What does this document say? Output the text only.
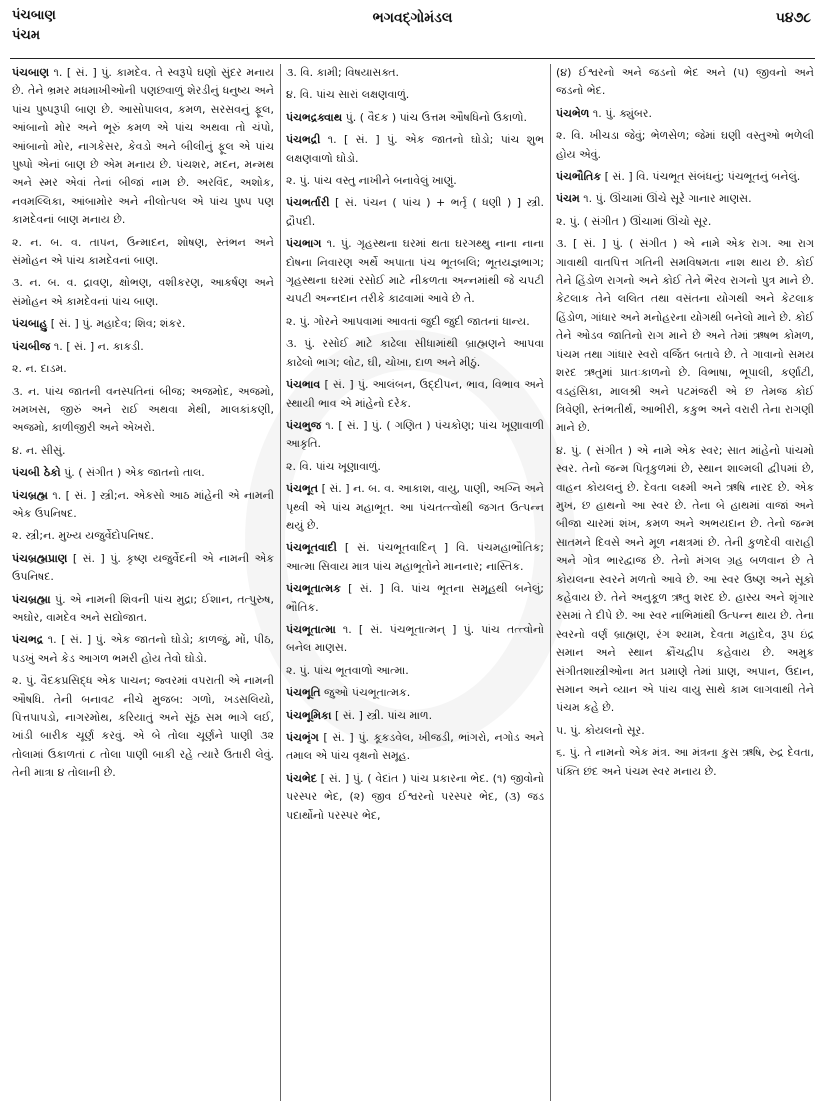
પંચબાણ
પંચમ
ભગવદ્ગોમંડલ	૫૪૭૮

પંચબાણ ૧. [ સં. ] પું. કામદેવ. તે સ્વરૂપે ઘણો સુંદર મનાય છે. તેને ભ્રમર મધમાખીઓની પણછવાળું શેરડીનું ધનુષ્ય અને પાંચ પુષ્પરૂપી બાણ છે. આસોપાલવ, કમળ, સરસવનું ફૂલ, આંબાનો મોર અને ભૂરું કમળ એ પાંચ અથવા તો ચંપો, આંબાનો મોર, નાગકેસર, કેવડો અને બીલીનું ફૂલ એ પાંચ પુષ્પો એનાં બાણ છે એમ મનાય છે. પંચશર, મદન, મન્મથ અને સ્મર એવાં તેનાં બીજાં નામ છે. અરવિંદ, અશોક, નવમલ્લિકા, આંબામોર અને નીલોત્પલ એ પાંચ પુષ્પ પણ કામદેવનાં બાણ મનાય છે.

૨. ન. બ. વ. તાપન, ઉન્માદન, શોષણ, સ્તંભન અને સંમોહન એ પાંચ કામદેવનાં બાણ.

૩. ન. બ. વ. દ્રાવણ, ક્ષોભણ, વશીકરણ, આકર્ષણ અને સંમોહન એ કામદેવનાં પાંચ બાણ.

પંચબાહુ [ સં. ] પું. મહાદેવ; શિવ; શંકર.

પંચબીજ ૧. [ સં. ] ન. કાકડી.

૨. ન. દાડમ.

૩. ન. પાંચ જાતની વનસ્પતિનાં બીજ; અજમોદ, અજમો, ખમખસ, જીરું અને રાઈ અથવા મેથી, માલકાંકણી, અજમો, કાળીજીરી અને એખરો.

૪. ન. સીસું.

પંચબી ઠેકો પું. ( સંગીત ) એક જાતનો તાલ.

પંચબ્રહ્મ ૧. [ સં. ] સ્ત્રી;ન. એકસો આઠ માંહેની એ નામની એક ઉપનિષદ.

૨. સ્ત્રી;ન. મુખ્ય યજુર્વેદોપનિષદ.

પંચબ્રહ્મપ્રાણ [ સં. ] પું. કૃષ્ણ યજુર્વેદની એ નામની એક ઉપનિષદ.

પંચબ્રહ્મા પું. એ નામની શિવની પાંચ મુદ્રા; ઈશાન, તત્પુરુષ, અઘોર, વામદેવ અને સદ્યોજાત.

પંચભદ્ર ૧. [ સં. ] પું. એક જાતનો ઘોડો; કાળજું, મોં, પીઠ, પડખું અને કેડ આગળ ભમરી હોય તેવો ઘોડો.

૨. પું. વૈદકપ્રસિદ્ધ એક પાચન; જ્વરમાં વપરાતી એ નામની ઔષધિ. તેની બનાવટ નીચે મુજબ: ગળો, ખડસલિયો, પિત્તપાપડો, નાગરમોથ, કરિયાતું અને સૂંઠ સમ ભાગે લઈ, ખાંડી બારીક ચૂર્ણ કરવું. એ બે તોલા ચૂર્ણને પાણી ૩૨ તોલામાં ઉકાળતાં ૮ તોલા પાણી બાકી રહે ત્યારે ઉતારી લેવું. તેની માત્રા ૪ તોલાની છે.

૩. વિ. કામી; વિષયાસક્ત.

૪. વિ. પાંચ સારાં લક્ષણવાળું.

પંચભદ્રક્વાથ પું. ( વૈદક ) પાંચ ઉત્તમ ઔષધિનો ઉકાળો.

પંચભદ્રી ૧. [ સં. ] પું. એક જાતનો ઘોડો; પાંચ શુભ લક્ષણવાળો ઘોડો.

૨. પું. પાંચ વસ્તુ નાખીને બનાવેલું ખાણું.

પંચભર્તારી [ સં. પંચન ( પાંચ ) + ભર્તૃ ( ધણી ) ] સ્ત્રી. દ્રૌપદી.

પંચભાગ ૧. પું. ગૃહસ્થના ઘરમાં થતા ઘરગથ્થુ નાના નાના દોષના નિવારણ અર્થે અપાતા પંચ ભૂતબલિ; ભૂતયજ્ઞભાગ; ગૃહસ્થના ઘરમાં રસોઈ માટે નીકળતા અન્નમાંથી જે ચપટી ચપટી અન્નદાન તરીકે કાઢવામાં આવે છે તે.

૨. પું. ગોરને આપવામાં આવતાં જુદી જુદી જાતનાં ધાન્ય.

૩. પું. રસોઈ માટે કાઢેલા સીધામાંથી બ્રાહ્મણને આપવા કાઢેલો ભાગ; લોટ, ઘી, ચોખા, દાળ અને મીઠું.

પંચભાવ [ સં. ] પું. આલંબન, ઉદ્દીપન, ભાવ, વિભાવ અને સ્થાયી ભાવ એ માંહેનો દરેક.

પંચભુજ ૧. [ સં. ] પું. ( ગણિત ) પંચકોણ; પાંચ ખૂણાવાળી આકૃતિ.

૨. વિ. પાંચ ખૂણાવાળું.

પંચભૂત [ સં. ] ન. બ. વ. આકાશ, વાયુ, પાણી, અગ્નિ અને પૃથ્વી એ પાંચ મહાભૂત. આ પંચતત્ત્વોથી જગત ઉત્પન્ન થયું છે.

પંચભૂતવાદી [ સં. પંચભૂતવાદિન્ ] વિ. પંચમહાભૌતિક; આત્મા સિવાય માત્ર પાંચ મહાભૂતોને માનનાર; નાસ્તિક.

પંચભૂતાત્મક [ સં. ] વિ. પાંચ ભૂતના સમૂહથી બનેલું; ભૌતિક.

પંચભૂતાત્મા ૧. [ સં. પંચભૂતાત્મન્ ] પું. પાંચ તત્ત્વોનો બનેલ માણસ.

૨. પું. પાંચ ભૂતવાળો આત્મા.

પંચભૂતિ જુઓ પંચભૂતાત્મક.

પંચભૂમિકા [ સં. ] સ્ત્રી. પાંચ માળ.

પંચભૃંગ [ સં. ] પું. કૂકડવેલ, ખીજડી, ભાંગરો, નગોડ અને તમાલ એ પાંચ વૃક્ષનો સમૂહ.

પંચભેદ [ સં. ] પું. ( વેદાંત ) પાંચ પ્રકારના ભેદ. (૧) જીવોનો પરસ્પર ભેદ, (૨) જીવ ઈશ્વરનો પરસ્પર ભેદ, (૩) જડ પદાર્થોનો પરસ્પર ભેદ,

(૪) ઈશ્વરનો અને જડનો ભેદ અને (૫) જીવનો અને જડનો ભેદ.

પંચભેળ ૧. પું. ક્યુંબર.

૨. વિ. ખીચડા જેવું; ભેળસેળ; જેમાં ઘણી વસ્તુઓ ભળેલી હોય એવું.

પંચભૌતિક [ સં. ] વિ. પંચભૂત સંબંધનું; પંચભૂતનું બનેલું.

પંચમ ૧. પું. ઊંચામાં ઊંચે સૂરે ગાનાર માણસ.

૨. પું. ( સંગીત ) ઊંચામાં ઊંચો સૂર.

૩. [ સં. ] પું. ( સંગીત ) એ નામે એક રાગ. આ રાગ ગાવાથી વાતપિત્ત ગતિની સમવિષમતા નાશ થાય છે. કોઈ તેને હિંડોળ રાગનો અને કોઈ તેને ભૈરવ રાગનો પુત્ર માને છે. કેટલાક તેને લલિત તથા વસંતના યોગથી અને કેટલાક હિંડોળ, ગાંધાર અને મનોહરના યોગથી બનેલો માને છે. કોઈ તેને ઓડવ જાતિનો રાગ માને છે અને તેમાં ઋષભ કોમળ, પંચમ તથા ગાંધાર સ્વરો વર્જિત બતાવે છે. તે ગાવાનો સમય શરદ ઋતુમાં પ્રાતઃકાળનો છે. વિભાષા, ભૂપાલી, કર્ણાટી, વડહંસિકા, માલશ્રી અને પટમંજરી એ છ તેમજ કોઈ ત્રિવેણી, સ્તંભતીર્થ, આભીરી, કકુભ અને વરારી તેના રાગણી માને છે.

૪. પું. ( સંગીત ) એ નામે એક સ્વર; સાત માંહેનો પાંચમો સ્વર. તેનો જન્મ પિતૃકુળમાં છે, સ્થાન શાલ્મલી દ્વીપમાં છે, વાહન કોયલનું છે. દેવતા લક્ષ્મી અને ઋષિ નારદ છે. એક મુખ, છ હાથનો આ સ્વર છે. તેના બે હાથમાં વાજાં અને બીજા ચારમાં શંખ, કમળ અને અભયદાન છે. તેનો જન્મ સાતમને દિવસે અને મૂળ નક્ષત્રમાં છે. તેની કુળદેવી વારાહી અને ગોત્ર ભારદ્વાજ છે. તેનો મંગલ ગ્રહ બળવાન છે તે કોયલના સ્વરને મળતો આવે છે. આ સ્વર ઉષ્ણ અને સૂકો કહેવાય છે. તેને અનુકૂળ ઋતુ શરદ છે. હાસ્ય અને શૃંગાર રસમાં તે દીપે છે. આ સ્વર નાભિમાંથી ઉત્પન્ન થાય છે. તેના સ્વરનો વર્ણ બ્રાહ્મણ, રંગ શ્યામ, દેવતા મહાદેવ, રૂપ ઇંદ્ર સમાન અને સ્થાન ક્રૌંચદ્વીપ કહેવાય છે. અમુક સંગીતશાસ્ત્રીઓના મત પ્રમાણે તેમાં પ્રાણ, અપાન, ઉદાન, સમાન અને વ્યાન એ પાંચ વાયુ સાથે કામ લાગવાથી તેને પંચમ કહે છે.

૫. પું. કોયલનો સૂર.

૬. પું. તે નામનો એક મંત્ર. આ મંત્રના કુસ ઋષિ, રુદ્ર દેવતા, પંક્તિ છંદ અને પંચમ સ્વર મનાય છે.
